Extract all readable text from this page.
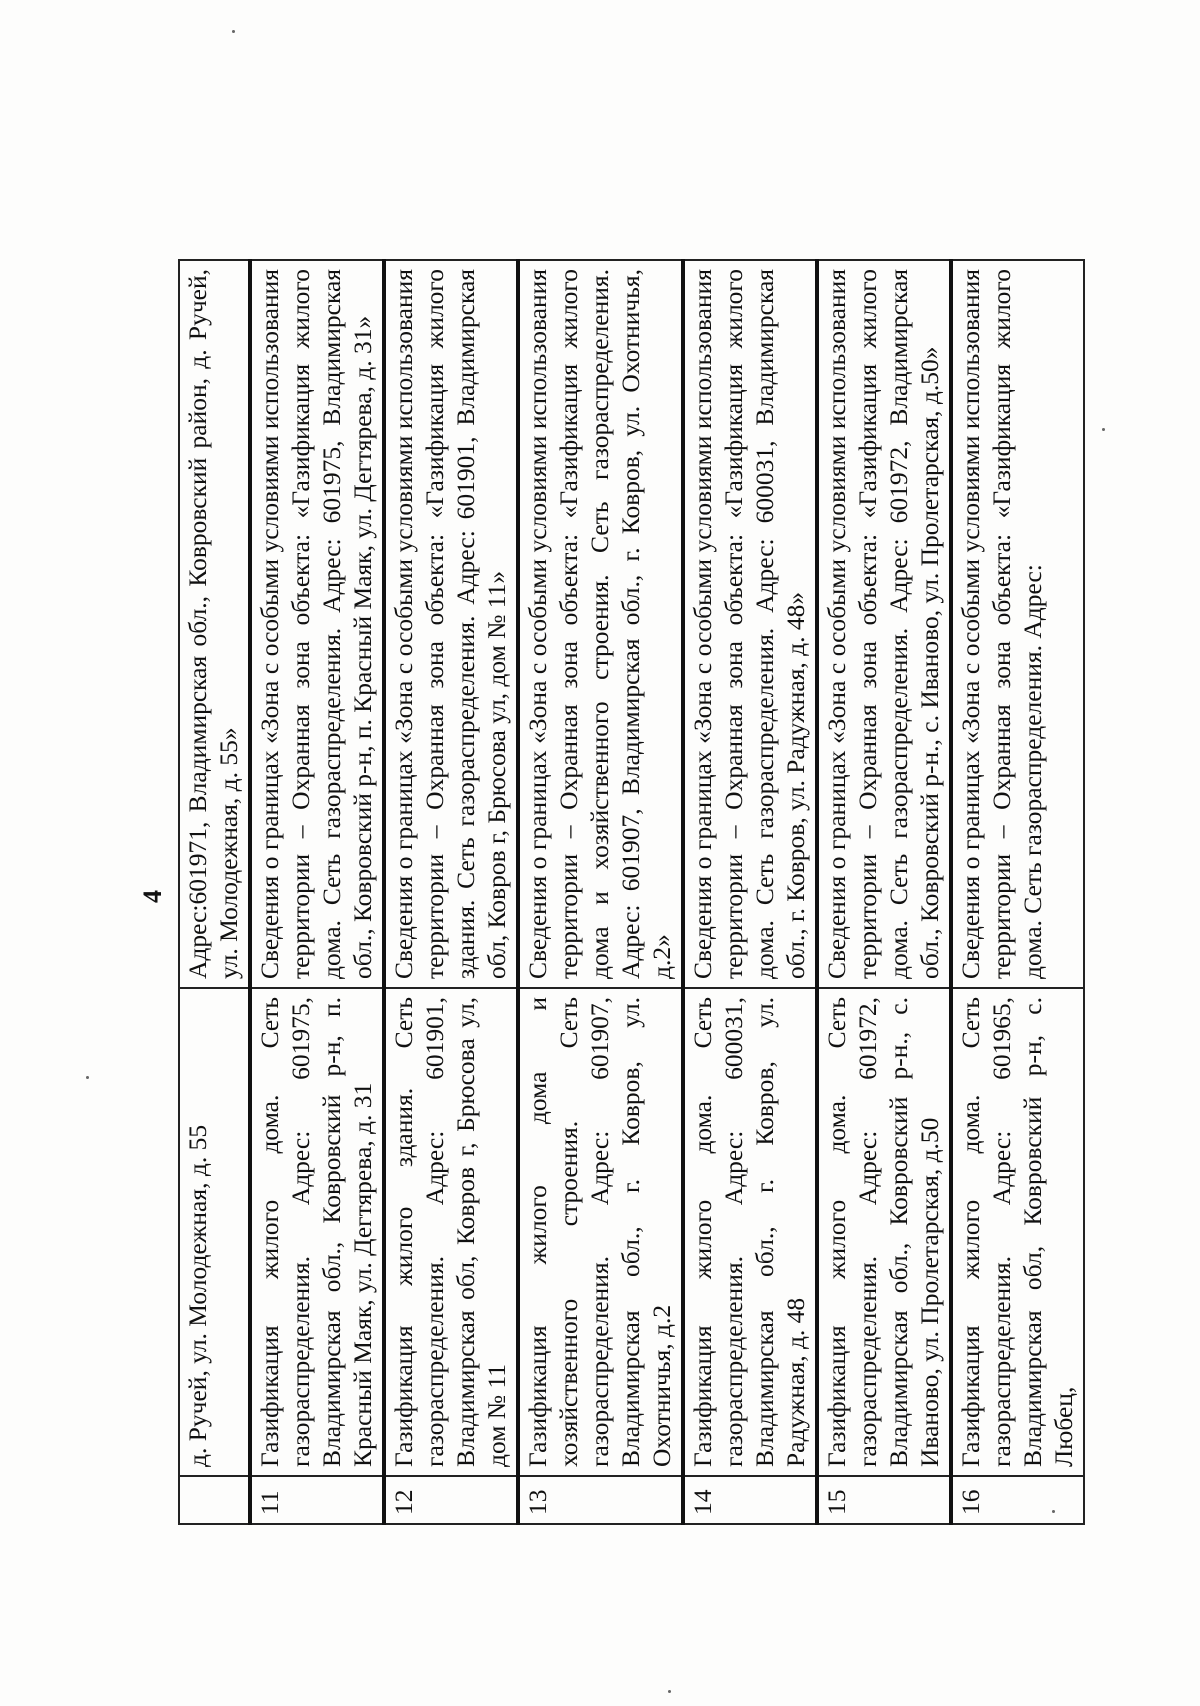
4
	д. Ручей, ул. Молодежная, д. 55	Адрес:601971, Владимирская обл., Ковровский район, д. Ручей, ул. Молодежная, д. 55»
11	Газификация жилого дома. Сеть газораспределения. Адрес: 601975, Владимирская обл., Ковровский р-н, п. Красный Маяк, ул. Дегтярева, д. 31	Сведения о границах «Зона с особыми условиями использования территории – Охранная зона объекта: «Газификация жилого дома. Сеть газораспределения. Адрес: 601975, Владимирская обл., Ковровский р-н, п. Красный Маяк, ул. Дегтярева, д. 31»
12	Газификация жилого здания. Сеть газораспределения. Адрес: 601901, Владимирская обл, Ковров г, Брюсова ул, дом № 11	Сведения о границах «Зона с особыми условиями использования территории – Охранная зона объекта: «Газификация жилого здания. Сеть газораспределения. Адрес: 601901, Владимирская обл, Ковров г, Брюсова ул, дом № 11»
13	Газификация жилого дома и хозяйственного строения. Сеть газораспределения. Адрес: 601907, Владимирская обл., г. Ковров, ул. Охотничья, д.2	Сведения о границах «Зона с особыми условиями использования территории – Охранная зона объекта: «Газификация жилого дома и хозяйственного строения. Сеть газораспределения. Адрес: 601907, Владимирская обл., г. Ковров, ул. Охотничья, д.2»
14	Газификация жилого дома. Сеть газораспределения. Адрес: 600031, Владимирская обл., г. Ковров, ул. Радужная, д. 48	Сведения о границах «Зона с особыми условиями использования территории – Охранная зона объекта: «Газификация жилого дома. Сеть газораспределения. Адрес: 600031, Владимирская обл., г. Ковров, ул. Радужная, д. 48»
15	Газификация жилого дома. Сеть газораспределения. Адрес: 601972, Владимирская обл., Ковровский р-н., с. Иваново, ул. Пролетарская, д.50	Сведения о границах «Зона с особыми условиями использования территории – Охранная зона объекта: «Газификация жилого дома. Сеть газораспределения. Адрес: 601972, Владимирская обл., Ковровский р-н., с. Иваново, ул. Пролетарская, д.50»
16	Газификация жилого дома. Сеть газораспределения. Адрес: 601965, Владимирская обл, Ковровский р-н, с. Любец,	Сведения о границах «Зона с особыми условиями использования территории – Охранная зона объекта: «Газификация жилого дома. Сеть газораспределения. Адрес:
